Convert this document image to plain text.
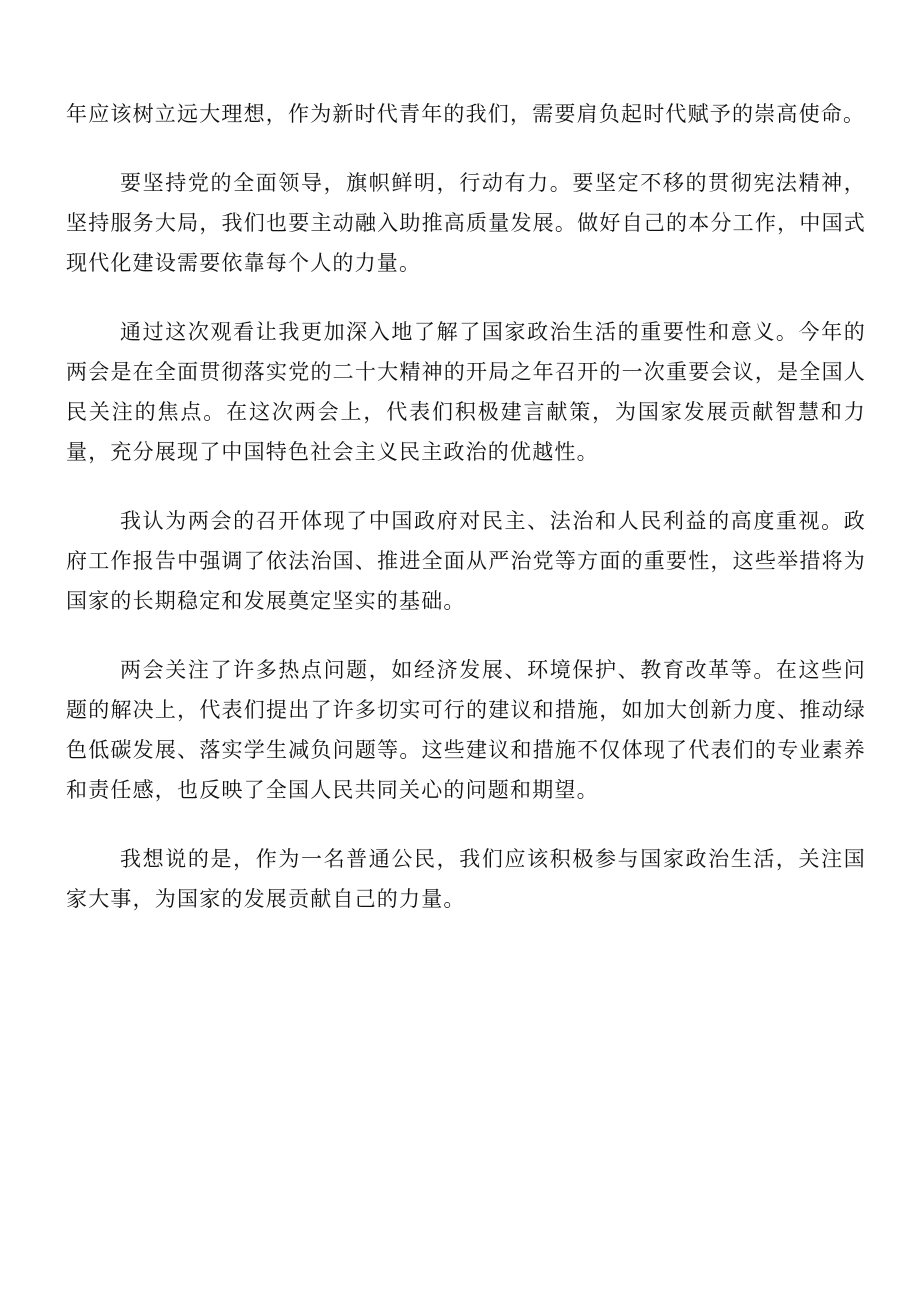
年应该树立远大理想，作为新时代青年的我们，需要肩负起时代赋予的崇高使命。

要坚持党的全面领导，旗帜鲜明，行动有力。要坚定不移的贯彻宪法精神，坚持服务大局，我们也要主动融入助推高质量发展。做好自己的本分工作，中国式现代化建设需要依靠每个人的力量。

通过这次观看让我更加深入地了解了国家政治生活的重要性和意义。今年的两会是在全面贯彻落实党的二十大精神的开局之年召开的一次重要会议，是全国人民关注的焦点。在这次两会上，代表们积极建言献策，为国家发展贡献智慧和力量，充分展现了中国特色社会主义民主政治的优越性。

我认为两会的召开体现了中国政府对民主、法治和人民利益的高度重视。政府工作报告中强调了依法治国、推进全面从严治党等方面的重要性，这些举措将为国家的长期稳定和发展奠定坚实的基础。

两会关注了许多热点问题，如经济发展、环境保护、教育改革等。在这些问题的解决上，代表们提出了许多切实可行的建议和措施，如加大创新力度、推动绿色低碳发展、落实学生减负问题等。这些建议和措施不仅体现了代表们的专业素养和责任感，也反映了全国人民共同关心的问题和期望。

我想说的是，作为一名普通公民，我们应该积极参与国家政治生活，关注国家大事，为国家的发展贡献自己的力量。
